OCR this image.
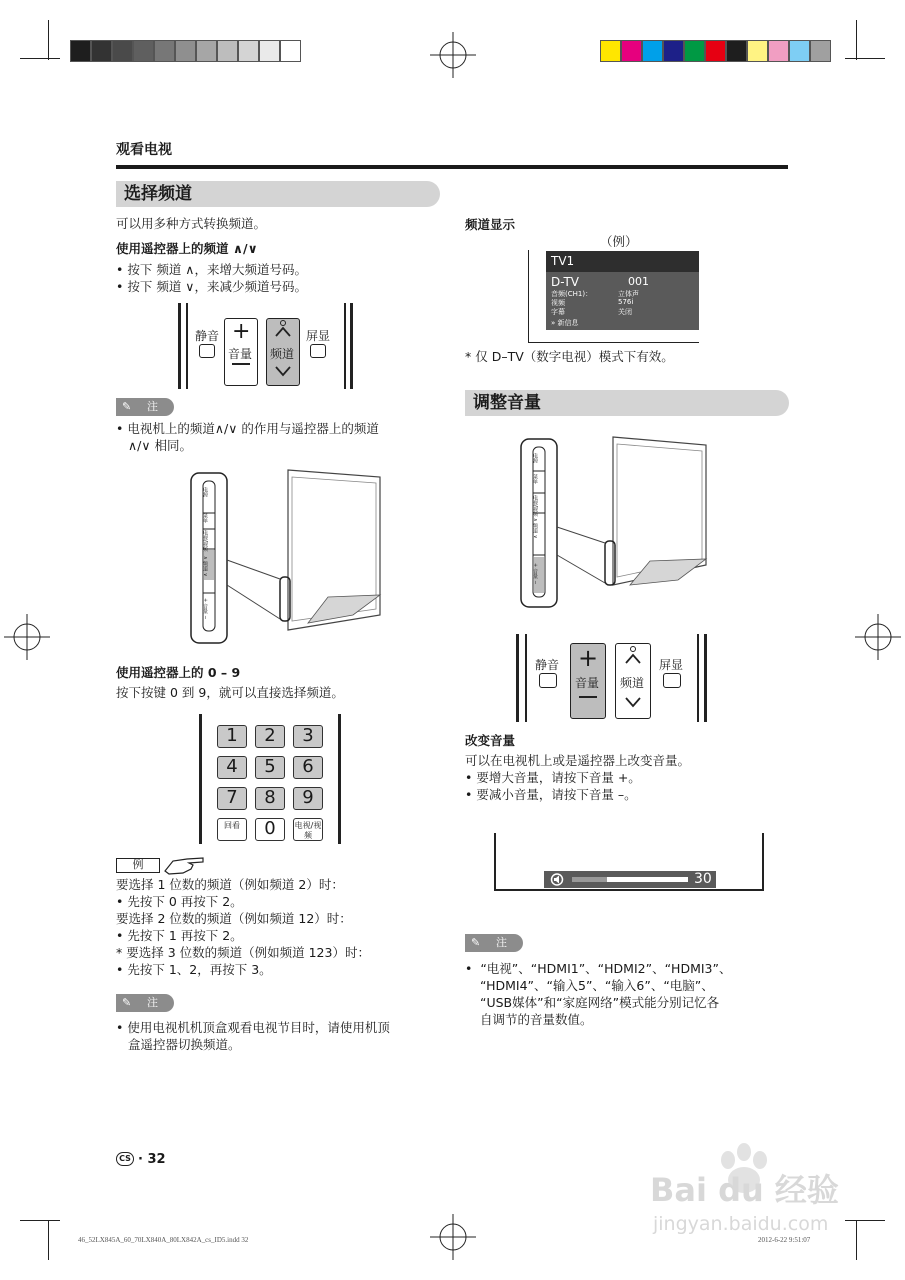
观看电视
选择频道
可以用多种方式转换频道。
使用遥控器上的频道 ∧/∨
• 按下 频道 ∧，来增大频道号码。
• 按下 频道 ∨，来减少频道号码。
静音 +
音量 频道
屏显
✎ 注
• 电视机上的频道∧/∨ 的作用与遥控器上的频道
∧/∨ 相同。
电源
菜单
电视/视频
∧ 频道 ∨
+ 音量 −
使用遥控器上的 0 – 9
按下按键 0 到 9，就可以直接选择频道。
1	2	3
4	5	6
7	8	9
回看	0	电视/视频
例
要选择 1 位数的频道（例如频道 2）时：
• 先按下 0 再按下 2。
要选择 2 位数的频道（例如频道 12）时：
• 先按下 1 再按下 2。
* 要选择 3 位数的频道（例如频道 123）时：
• 先按下 1、2，再按下 3。
✎ 注
• 使用电视机机顶盒观看电视节目时，请使用机顶
盒遥控器切换频道。
频道显示
（例）
TV1
D-TV	001
音频(CH1)：	立体声
视频	576i
字幕	关闭
» 新信息
* 仅 D–TV（数字电视）模式下有效。
调整音量
电源
菜单
电视/视频
∧ 频道 ∨
+ 音量 −
静音 +
音量 频道
屏显
改变音量
可以在电视机上或是遥控器上改变音量。
• 要增大音量，请按下音量 +。
• 要减小音量，请按下音量 –。
30
✎ 注
•  “电视”、“HDMI1”、“HDMI2”、“HDMI3”、
“HDMI4”、“输入5”、“输入6”、“电脑”、
“USB媒体”和“家庭网络”模式能分别记忆各
自调节的音量数值。
CS · 32
46_52LX845A_60_70LX840A_80LX842A_cs_ID5.indd 32	2012-6-22 9:51:07
Bai du 经验
jingyan.baidu.com
